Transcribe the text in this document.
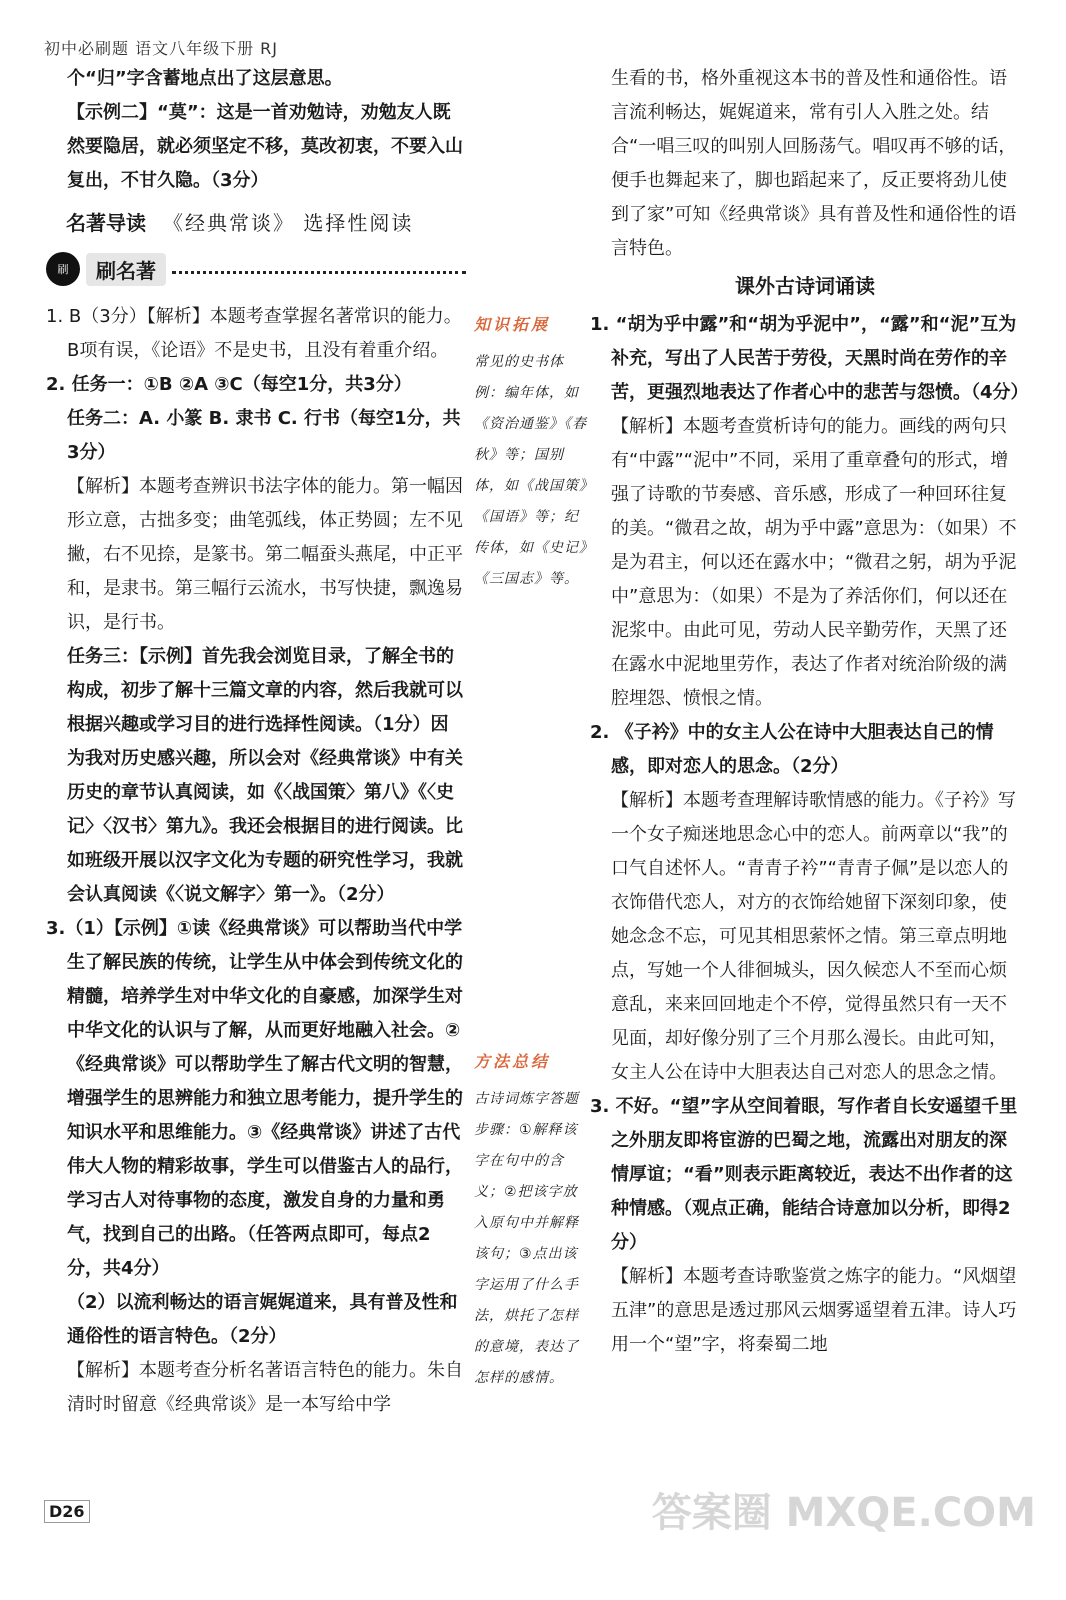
初中必刷题 语文八年级下册 RJ

个“归”字含蓄地点出了这层意思。

【示例二】“莫”：这是一首劝勉诗，劝勉友人既然要隐居，就必须坚定不移，莫改初衷，不要入山复出，不甘久隐。（3分）

名著导读 《经典常谈》 选择性阅读
刷	刷名著

1. B（3分）【解析】本题考查掌握名著常识的能力。

B项有误，《论语》不是史书，且没有着重介绍。

2. 任务一：①B ②A ③C（每空1分，共3分）

任务二：A. 小篆 B. 隶书 C. 行书（每空1分，共3分）

【解析】本题考查辨识书法字体的能力。第一幅因形立意，古拙多变；曲笔弧线，体正势圆；左不见撇，右不见捺，是篆书。第二幅蚕头燕尾，中正平和，是隶书。第三幅行云流水，书写快捷，飘逸易识，是行书。

任务三：【示例】首先我会浏览目录，了解全书的构成，初步了解十三篇文章的内容，然后我就可以根据兴趣或学习目的进行选择性阅读。（1分）因为我对历史感兴趣，所以会对《经典常谈》中有关历史的章节认真阅读，如《〈战国策〉第八》《〈史记〉〈汉书〉第九》。我还会根据目的进行阅读。比如班级开展以汉字文化为专题的研究性学习，我就会认真阅读《〈说文解字〉第一》。（2分）

3.（1）【示例】①读《经典常谈》可以帮助当代中学生了解民族的传统，让学生从中体会到传统文化的精髓，培养学生对中华文化的自豪感，加深学生对中华文化的认识与了解，从而更好地融入社会。②《经典常谈》可以帮助学生了解古代文明的智慧，增强学生的思辨能力和独立思考能力，提升学生的知识水平和思维能力。③《经典常谈》讲述了古代伟大人物的精彩故事，学生可以借鉴古人的品行，学习古人对待事物的态度，激发自身的力量和勇气，找到自己的出路。（任答两点即可，每点2分，共4分）

（2）以流利畅达的语言娓娓道来，具有普及性和通俗性的语言特色。（2分）

【解析】本题考查分析名著语言特色的能力。朱自清时时留意《经典常谈》是一本写给中学

知识拓展

常见的史书体例：编年体，如《资治通鉴》《春秋》等；国别体，如《战国策》《国语》等；纪传体，如《史记》《三国志》等。

方法总结

古诗词炼字答题步骤：①解释该字在句中的含义；②把该字放入原句中并解释该句；③点出该字运用了什么手法，烘托了怎样的意境，表达了怎样的感情。

生看的书，格外重视这本书的普及性和通俗性。语言流利畅达，娓娓道来，常有引人入胜之处。结合“一唱三叹的叫别人回肠荡气。唱叹再不够的话，便手也舞起来了，脚也蹈起来了，反正要将劲儿使到了家”可知《经典常谈》具有普及性和通俗性的语言特色。

课外古诗词诵读

1. “胡为乎中露”和“胡为乎泥中”，“露”和“泥”互为补充，写出了人民苦于劳役，天黑时尚在劳作的辛苦，更强烈地表达了作者心中的悲苦与怨愤。（4分）

【解析】本题考查赏析诗句的能力。画线的两句只有“中露”“泥中”不同，采用了重章叠句的形式，增强了诗歌的节奏感、音乐感，形成了一种回环往复的美。“微君之故，胡为乎中露”意思为：（如果）不是为君主，何以还在露水中；“微君之躬，胡为乎泥中”意思为：（如果）不是为了养活你们，何以还在泥浆中。由此可见，劳动人民辛勤劳作，天黑了还在露水中泥地里劳作，表达了作者对统治阶级的满腔埋怨、愤恨之情。

2. 《子衿》中的女主人公在诗中大胆表达自己的情感，即对恋人的思念。（2分）

【解析】本题考查理解诗歌情感的能力。《子衿》写一个女子痴迷地思念心中的恋人。前两章以“我”的口气自述怀人。“青青子衿”“青青子佩”是以恋人的衣饰借代恋人，对方的衣饰给她留下深刻印象，使她念念不忘，可见其相思萦怀之情。第三章点明地点，写她一个人徘徊城头，因久候恋人不至而心烦意乱，来来回回地走个不停，觉得虽然只有一天不见面，却好像分别了三个月那么漫长。由此可知，女主人公在诗中大胆表达自己对恋人的思念之情。

3. 不好。“望”字从空间着眼，写作者自长安遥望千里之外朋友即将宦游的巴蜀之地，流露出对朋友的深情厚谊；“看”则表示距离较近，表达不出作者的这种情感。（观点正确，能结合诗意加以分析，即得2分）

【解析】本题考查诗歌鉴赏之炼字的能力。“风烟望五津”的意思是透过那风云烟雾遥望着五津。诗人巧用一个“望”字，将秦蜀二地

D26	答案圈 MXQE.COM
